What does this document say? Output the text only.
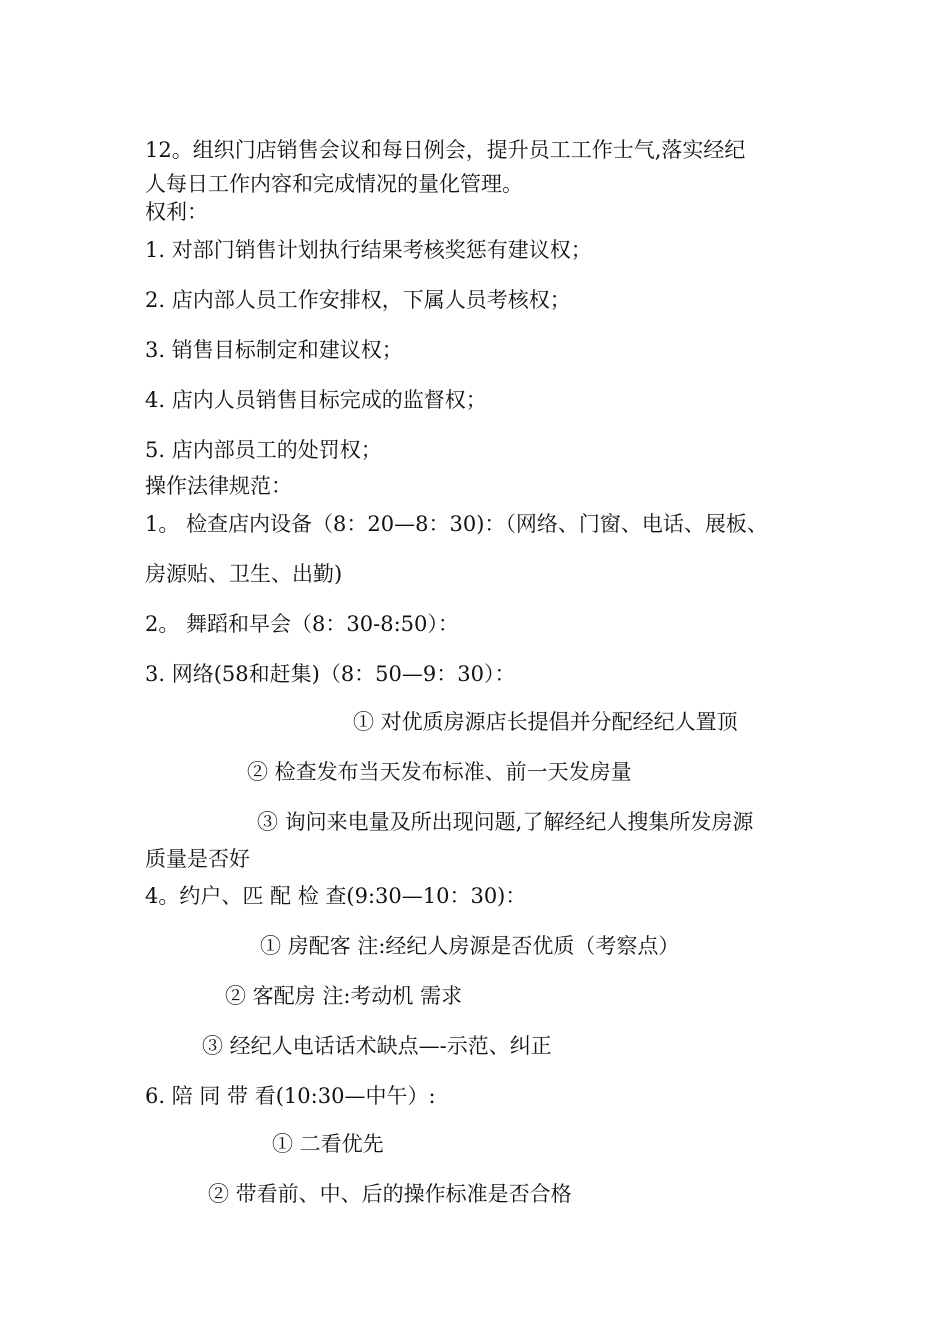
12。组织门店销售会议和每日例会，提升员工工作士气,落实经纪

人每日工作内容和完成情况的量化管理。

权利：

1. 对部门销售计划执行结果考核奖惩有建议权；

2. 店内部人员工作安排权，下属人员考核权；

3. 销售目标制定和建议权；

4. 店内人员销售目标完成的监督权；

5. 店内部员工的处罚权；

操作法律规范：

1。 检查店内设备（8：20—8：30)：（网络、门窗、电话、展板、

房源贴、卫生、出勤)

2。 舞蹈和早会（8：30-8:50）：

3. 网络(58和赶集)（8：50—9：30）：

① 对优质房源店长提倡并分配经纪人置顶

② 检查发布当天发布标准、前一天发房量

③ 询问来电量及所出现问题,了解经纪人搜集所发房源

质量是否好

4。约户、匹 配 检 查(9:30—10：30)：

① 房配客 注:经纪人房源是否优质（考察点）

② 客配房 注:考动机 需求

③ 经纪人电话话术缺点—-示范、纠正

6. 陪 同 带 看(10:30—中午）:

① 二看优先

② 带看前、中、后的操作标准是否合格
